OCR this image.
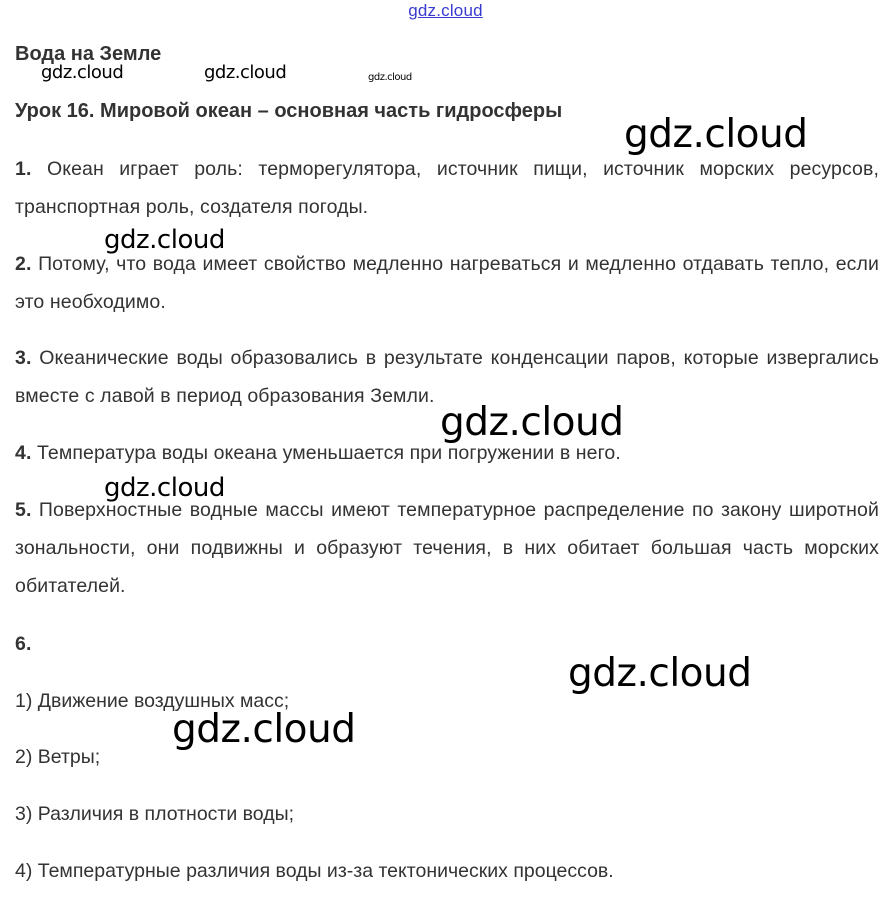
gdz.cloud
Вода на Земле
Урок 16. Мировой океан – основная часть гидросферы
1. Океан играет роль: терморегулятора, источник пищи, источник морских ресурсов, транспортная роль, создателя погоды.
2. Потому, что вода имеет свойство медленно нагреваться и медленно отдавать тепло, если это необходимо.
3. Океанические воды образовались в результате конденсации паров, которые извергались вместе с лавой в период образования Земли.
4. Температура воды океана уменьшается при погружении в него.
5. Поверхностные водные массы имеют температурное распределение по закону широтной зональности, они подвижны и образуют течения, в них обитает большая часть морских обитателей.
6.
1) Движение воздушных масс;
2) Ветры;
3) Различия в плотности воды;
4) Температурные различия воды из-за тектонических процессов.
gdz.cloud	gdz.cloud	gdz.cloud
gdz.cloud
gdz.cloud
gdz.cloud
gdz.cloud
gdz.cloud
gdz.cloud
